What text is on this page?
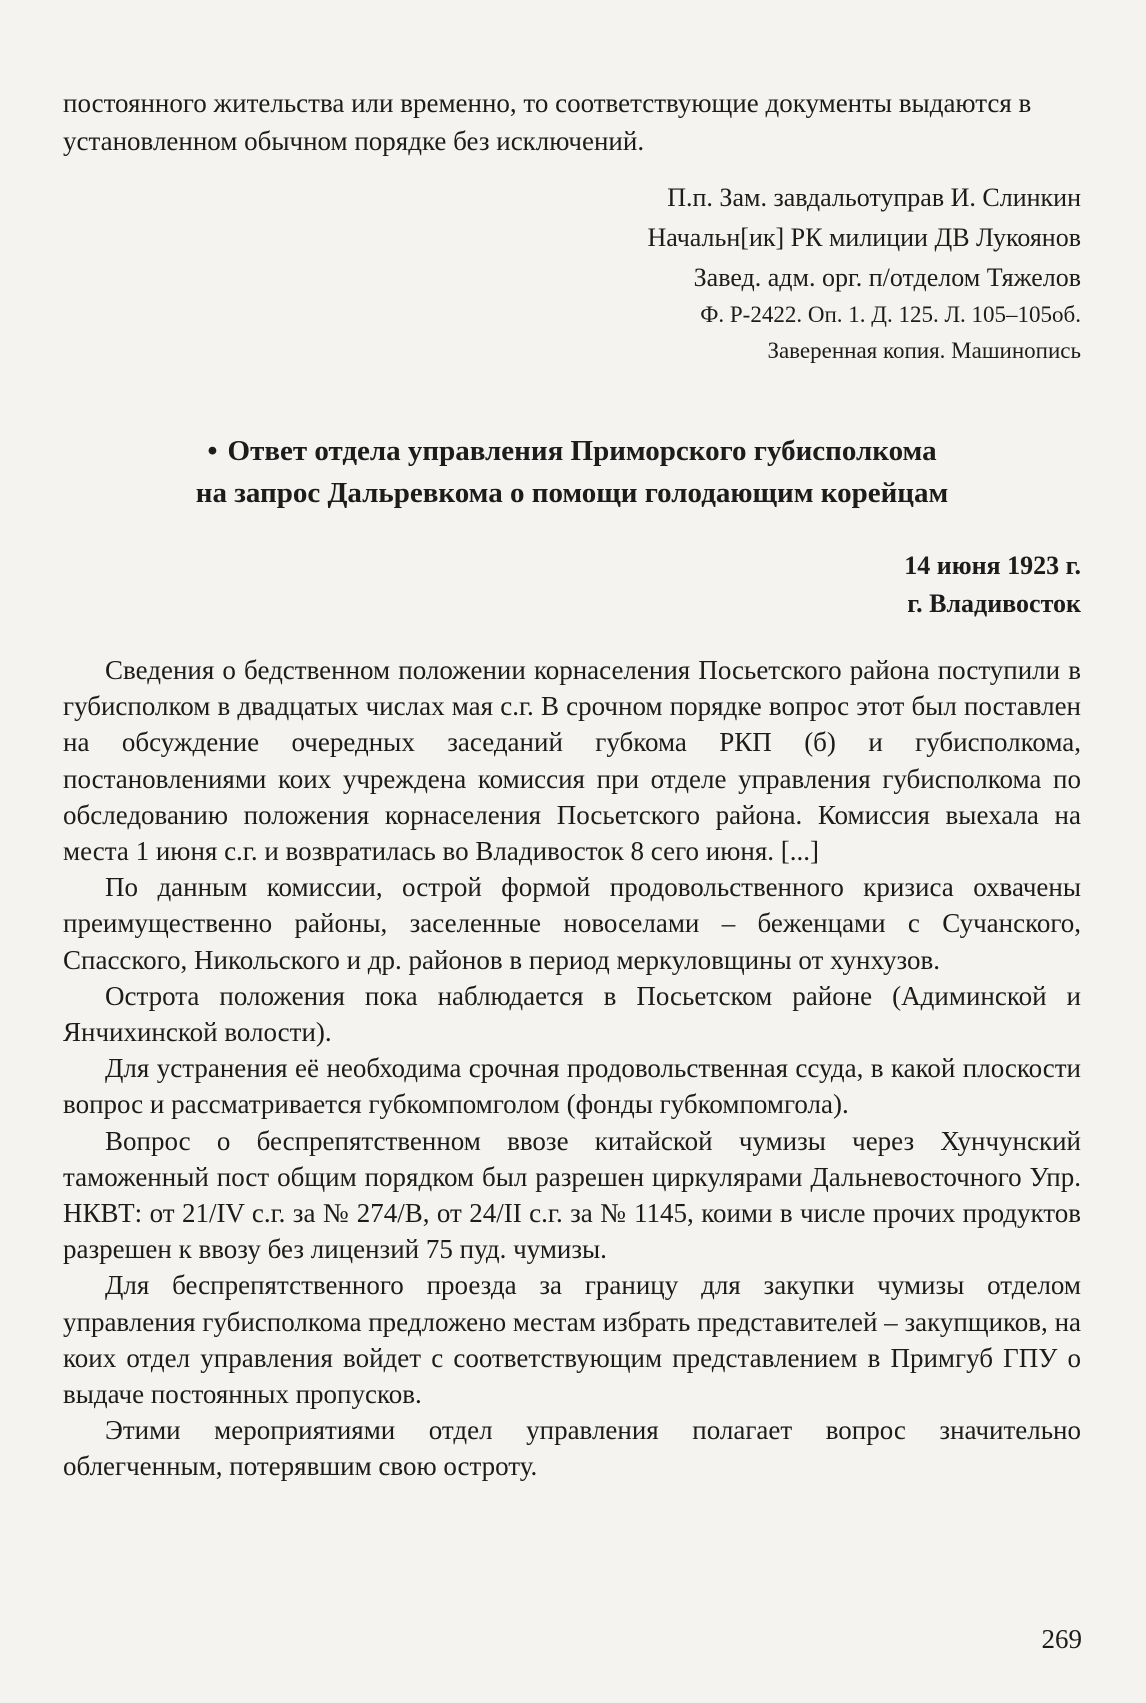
постоянного жительства или временно, то соответствующие документы выдаются в установленном обычном порядке без исключений.

П.п. Зам. завдальотуправ И. Слинкин
Начальн[ик] РК милиции ДВ Лукоянов
Завед. адм. орг. п/отделом Тяжелов
Ф. Р-2422. Оп. 1. Д. 125. Л. 105–105об.
Заверенная копия. Машинопись
• Ответ отдела управления Приморского губисполкома
на запрос Дальревкома о помощи голодающим корейцам
14 июня 1923 г.
г. Владивосток

Сведения о бедственном положении корнаселения Посьетского района поступили в губисполком в двадцатых числах мая с.г. В срочном порядке вопрос этот был поставлен на обсуждение очередных заседаний губкома РКП (б) и губисполкома, постановлениями коих учреждена комиссия при отделе управления губисполкома по обследованию положения корнаселения Посьетского района. Комиссия выехала на места 1 июня с.г. и возвратилась во Владивосток 8 сего июня. [...]

По данным комиссии, острой формой продовольственного кризиса охвачены преимущественно районы, заселенные новоселами – беженцами с Сучанского, Спасского, Никольского и др. районов в период меркуловщины от хунхузов.

Острота положения пока наблюдается в Посьетском районе (Адиминской и Янчихинской волости).

Для устранения её необходима срочная продовольственная ссуда, в какой плоскости вопрос и рассматривается губкомпомголом (фонды губкомпомгола).

Вопрос о беспрепятственном ввозе китайской чумизы через Хунчунский таможенный пост общим порядком был разрешен циркулярами Дальневосточного Упр. НКВТ: от 21/IV с.г. за № 274/В, от 24/II с.г. за № 1145, коими в числе прочих продуктов разрешен к ввозу без лицензий 75 пуд. чумизы.

Для беспрепятственного проезда за границу для закупки чумизы отделом управления губисполкома предложено местам избрать представителей – закупщиков, на коих отдел управления войдет с соответствующим представлением в Примгуб ГПУ о выдаче постоянных пропусков.

Этими мероприятиями отдел управления полагает вопрос значительно облегченным, потерявшим свою остроту.

269
